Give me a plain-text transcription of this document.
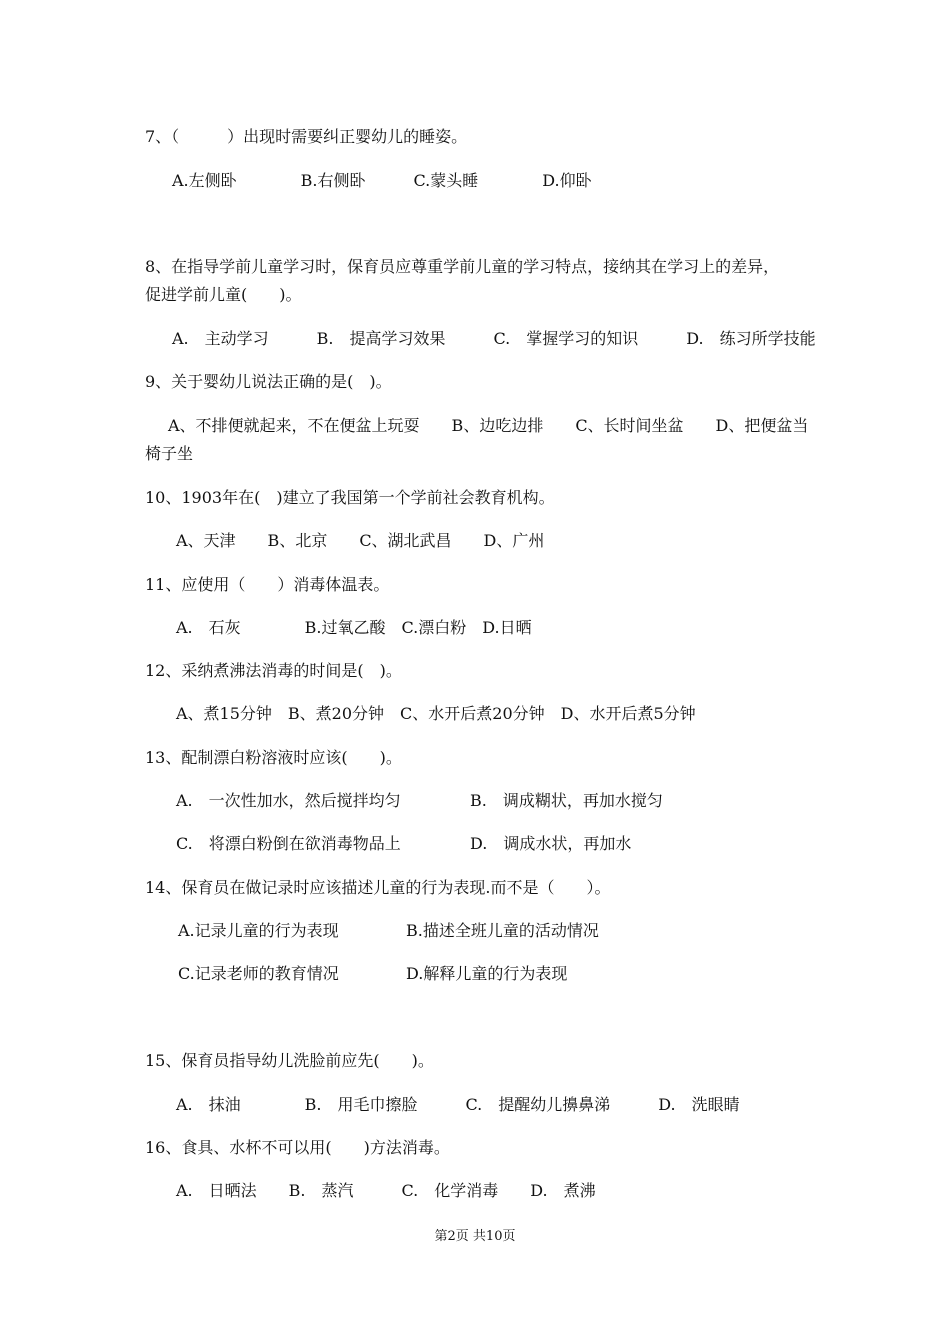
7、（　　　）出现时需要纠正婴幼儿的睡姿。
A.左侧卧　　　　B.右侧卧　　　C.蒙头睡　　　　D.仰卧
8、在指导学前儿童学习时，保育员应尊重学前儿童的学习特点，接纳其在学习上的差异，
促进学前儿童(　　)。
A.　主动学习　　　B.　提高学习效果　　　C.　掌握学习的知识　　　D.　练习所学技能
9、关于婴幼儿说法正确的是(　)。
A、不排便就起来，不在便盆上玩耍　　B、边吃边排　　C、长时间坐盆　　D、把便盆当
椅子坐
10、1903年在(　)建立了我国第一个学前社会教育机构。
A、天津　　B、北京　　C、湖北武昌　　D、广州
11、应使用（　　）消毒体温表。
A.　石灰　　　　B.过氧乙酸　C.漂白粉　D.日晒
12、采纳煮沸法消毒的时间是(　)。
A、煮15分钟　B、煮20分钟　C、水开后煮20分钟　D、水开后煮5分钟
13、配制漂白粉溶液时应该(　　)。
A.　一次性加水，然后搅拌均匀	B.　调成糊状，再加水搅匀
C.　将漂白粉倒在欲消毒物品上	D.　调成水状，再加水
14、保育员在做记录时应该描述儿童的行为表现.而不是（　　）。
A.记录儿童的行为表现	B.描述全班儿童的活动情况
C.记录老师的教育情况	D.解释儿童的行为表现
15、保育员指导幼儿洗脸前应先(　　)。
A.　抹油　　　　B.　用毛巾擦脸　　　C.　提醒幼儿擤鼻涕　　　D.　洗眼睛
16、食具、水杯不可以用(　　)方法消毒。
A.　日晒法　　B.　蒸汽　　　C.　化学消毒　　D.　煮沸
第2页 共10页
